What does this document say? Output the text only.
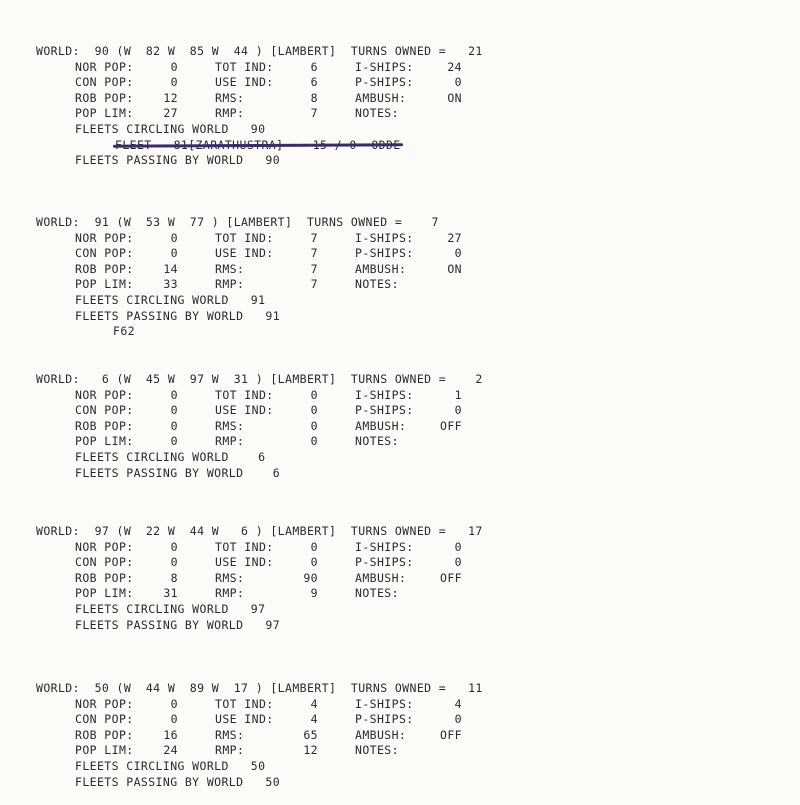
WORLD:  90 (W  82 W  85 W  44 ) [LAMBERT]  TURNS OWNED =   21
NOR POP:	0	TOT IND:	6	I-SHIPS:	24
CON POP:	0	USE IND:	6	P-SHIPS:	0
ROB POP:	12	RMS:	8	AMBUSH:	ON
POP LIM:	27	RMP:	7	NOTES:
FLEETS CIRCLING WORLD   90
FLEETS PASSING BY WORLD   90
WORLD:  91 (W  53 W  77 ) [LAMBERT]  TURNS OWNED =    7
NOR POP:	0	TOT IND:	7	I-SHIPS:	27
CON POP:	0	USE IND:	7	P-SHIPS:	0
ROB POP:	14	RMS:	7	AMBUSH:	ON
POP LIM:	33	RMP:	7	NOTES:
FLEETS CIRCLING WORLD   91
FLEETS PASSING BY WORLD   91
F62
WORLD:   6 (W  45 W  97 W  31 ) [LAMBERT]  TURNS OWNED =    2
NOR POP:	0	TOT IND:	0	I-SHIPS:	1
CON POP:	0	USE IND:	0	P-SHIPS:	0
ROB POP:	0	RMS:	0	AMBUSH:	OFF
POP LIM:	0	RMP:	0	NOTES:
FLEETS CIRCLING WORLD    6
FLEETS PASSING BY WORLD    6
WORLD:  97 (W  22 W  44 W   6 ) [LAMBERT]  TURNS OWNED =   17
NOR POP:	0	TOT IND:	0	I-SHIPS:	0
CON POP:	0	USE IND:	0	P-SHIPS:	0
ROB POP:	8	RMS:	90	AMBUSH:	OFF
POP LIM:	31	RMP:	9	NOTES:
FLEETS CIRCLING WORLD   97
FLEETS PASSING BY WORLD   97
WORLD:  50 (W  44 W  89 W  17 ) [LAMBERT]  TURNS OWNED =   11
NOR POP:	0	TOT IND:	4	I-SHIPS:	4
CON POP:	0	USE IND:	4	P-SHIPS:	0
ROB POP:	16	RMS:	65	AMBUSH:	OFF
POP LIM:	24	RMP:	12	NOTES:
FLEETS CIRCLING WORLD   50
FLEETS PASSING BY WORLD   50
